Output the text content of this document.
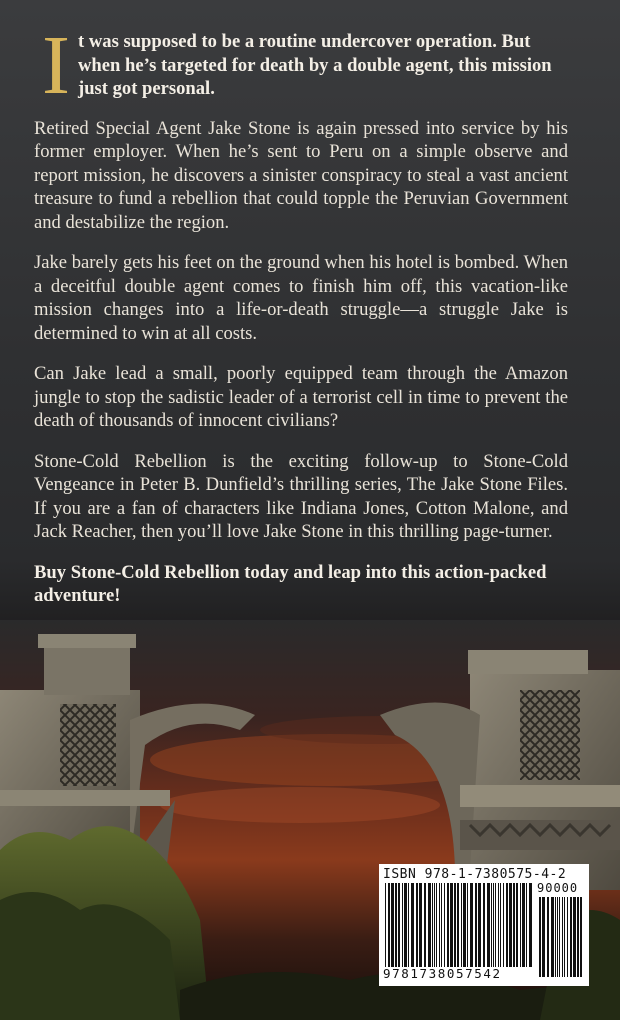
I t was supposed to be a routine undercover operation. But when he’s targeted for death by a double agent, this mission just got personal.

Retired Special Agent Jake Stone is again pressed into service by his former employer. When he’s sent to Peru on a simple observe and report mission, he discovers a sinister conspiracy to steal a vast ancient treasure to fund a rebellion that could topple the Peruvian Government and destabilize the region.

Jake barely gets his feet on the ground when his hotel is bombed. When a deceitful double agent comes to finish him off, this vacation-like mission changes into a life-or-death struggle—a struggle Jake is determined to win at all costs.

Can Jake lead a small, poorly equipped team through the Amazon jungle to stop the sadistic leader of a terrorist cell in time to prevent the death of thousands of innocent civilians?

Stone-Cold Rebellion is the exciting follow-up to Stone-Cold Vengeance in Peter B. Dunfield’s thrilling series, The Jake Stone Files. If you are a fan of characters like Indiana Jones, Cotton Malone, and Jack Reacher, then you’ll love Jake Stone in this thrilling page-turner.

Buy Stone-Cold Rebellion today and leap into this action-packed adventure!

ISBN 978-1-7380575-4-2
9781738057542
90000
